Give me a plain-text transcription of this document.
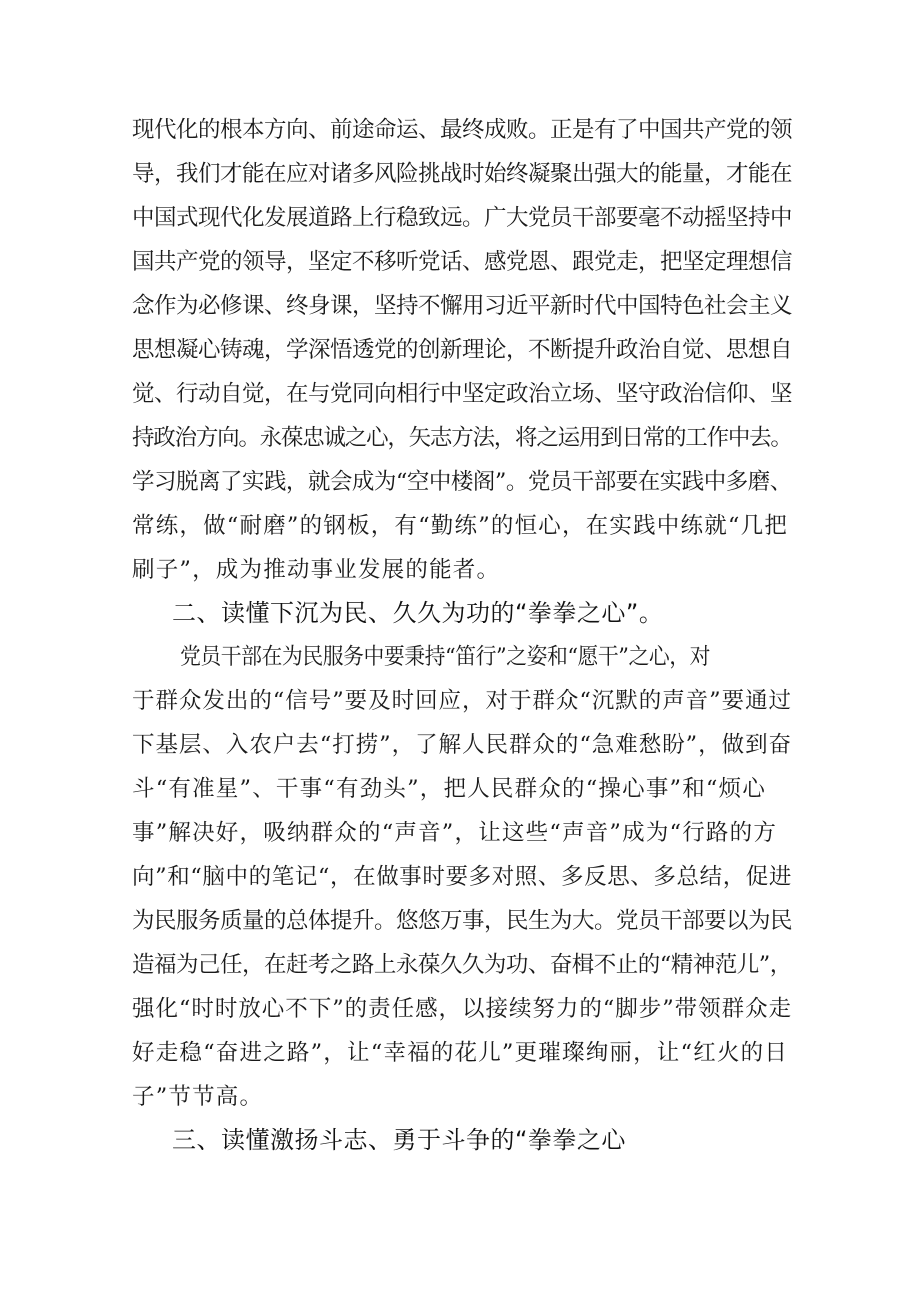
现代化的根本方向、前途命运、最终成败。正是有了中国共产党的领
导，我们才能在应对诸多风险挑战时始终凝聚出强大的能量，才能在
中国式现代化发展道路上行稳致远。广大党员干部要毫不动摇坚持中
国共产党的领导，坚定不移听党话、感党恩、跟党走，把坚定理想信
念作为必修课、终身课，坚持不懈用习近平新时代中国特色社会主义
思想凝心铸魂，学深悟透党的创新理论，不断提升政治自觉、思想自
觉、行动自觉，在与党同向相行中坚定政治立场、坚守政治信仰、坚
持政治方向。永葆忠诚之心，矢志方法，将之运用到日常的工作中去。
学习脱离了实践，就会成为“空中楼阁”。党员干部要在实践中多磨、
常练，做“耐磨”的钢板，有“勤练”的恒心，在实践中练就“几把
刷子”，成为推动事业发展的能者。
二、读懂下沉为民、久久为功的“拳拳之心”。
党员干部在为民服务中要秉持“笛行”之姿和“愿干”之心，对
于群众发出的“信号”要及时回应，对于群众“沉默的声音”要通过
下基层、入农户去“打捞”，了解人民群众的“急难愁盼”，做到奋
斗“有准星”、干事“有劲头”，把人民群众的“操心事”和“烦心
事”解决好，吸纳群众的“声音”，让这些“声音”成为“行路的方
向”和“脑中的笔记“，在做事时要多对照、多反思、多总结，促进
为民服务质量的总体提升。悠悠万事，民生为大。党员干部要以为民
造福为己任，在赶考之路上永葆久久为功、奋楫不止的“精神范儿”，
强化“时时放心不下”的责任感，以接续努力的“脚步”带领群众走
好走稳“奋进之路”，让“幸福的花儿”更璀璨绚丽，让“红火的日
子”节节高。
三、读懂激扬斗志、勇于斗争的“拳拳之心
